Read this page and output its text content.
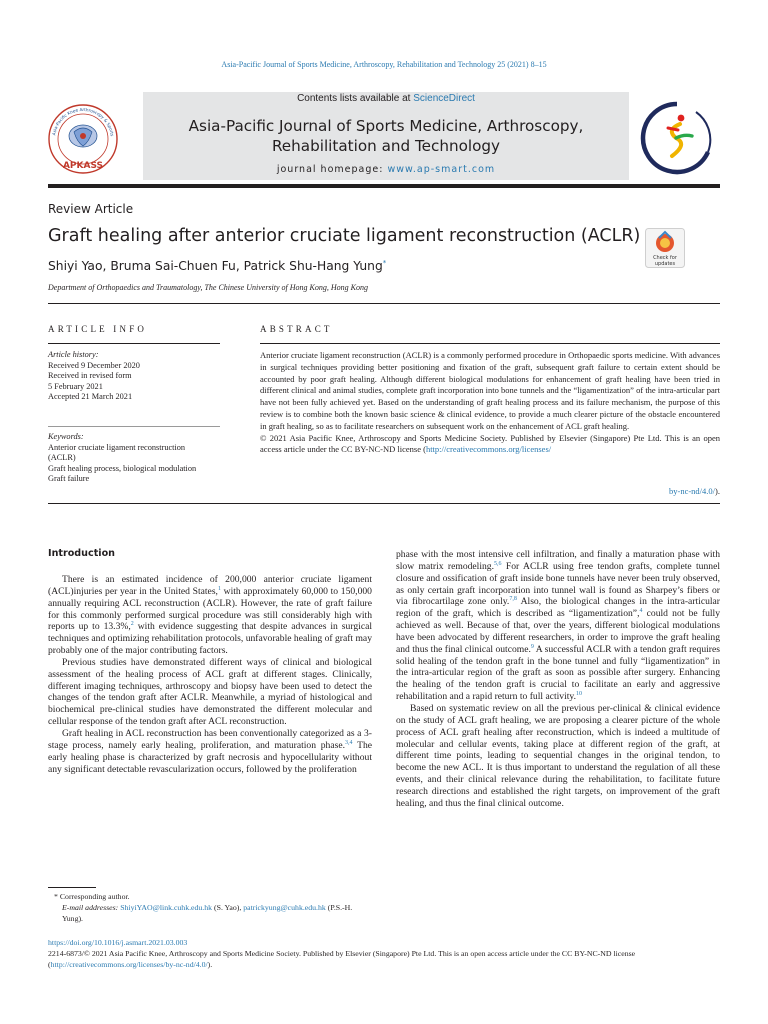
Asia-Pacific Journal of Sports Medicine, Arthroscopy, Rehabilitation and Technology 25 (2021) 8–15
Asia-Pacific Knee Arthroscopy & Sports
APKASS
Contents lists available at ScienceDirect
Asia-Pacific Journal of Sports Medicine, Arthroscopy,
Rehabilitation and Technology
journal homepage: www.ap-smart.com
Review Article
Graft healing after anterior cruciate ligament reconstruction (ACLR)
Shiyi Yao, Bruma Sai-Chuen Fu, Patrick Shu-Hang Yung*
Department of Orthopaedics and Traumatology, The Chinese University of Hong Kong, Hong Kong
Check for
updates
ARTICLE INFO	ABSTRACT
Article history:
Received 9 December 2020
Received in revised form
5 February 2021
Accepted 21 March 2021
Keywords:
Anterior cruciate ligament reconstruction
(ACLR)
Graft healing process, biological modulation
Graft failure
Anterior cruciate ligament reconstruction (ACLR) is a commonly performed procedure in Orthopaedic sports medicine. With advances in surgical techniques providing better positioning and fixation of the graft, subsequent graft failure to certain extent should be accounted by poor graft healing. Although different biological modulations for enhancement of graft healing have been tried in different clinical and animal studies, complete graft incorporation into bone tunnels and the “ligamentization” of the intra-articular part have not been fully achieved yet. Based on the understanding of graft healing process and its failure mechanism, the purpose of this review is to combine both the known basic science & clinical evidence, to provide a much clearer picture of the obstacle encountered in graft healing, so as to facilitate researchers on subsequent work on the enhancement of ACL graft healing.
© 2021 Asia Pacific Knee, Arthroscopy and Sports Medicine Society. Published by Elsevier (Singapore) Pte Ltd. This is an open access article under the CC BY-NC-ND license (http://creativecommons.org/licenses/
by-nc-nd/4.0/).
Introduction

There is an estimated incidence of 200,000 anterior cruciate ligament (ACL)injuries per year in the United States,$^1$ with approximately 60,000 to 150,000 annually requiring ACL reconstruction (ACLR). However, the rate of graft failure for this commonly performed surgical procedure was still considerably high with reports up to 13.3%,$^2$ with evidence suggesting that despite advances in surgical techniques and optimizing rehabilitation protocols, unfavorable healing of graft may probably one of the major contributing factors.

Previous studies have demonstrated different ways of clinical and biological assessment of the healing process of ACL graft at different stages. Clinically, different imaging techniques, arthroscopy and biopsy have been used to detect the changes of the tendon graft after ACLR. Meanwhile, a myriad of histological and biochemical pre-clinical studies have demonstrated the different molecular and cellular response of the tendon graft after ACL reconstruction.

Graft healing in ACL reconstruction has been conventionally categorized as a 3-stage process, namely early healing, proliferation, and maturation phase.$^{3,4}$ The early healing phase is characterized by graft necrosis and hypocellularity without any significant detectable revascularization occurs, followed by the proliferation

phase with the most intensive cell infiltration, and finally a maturation phase with slow matrix remodeling.$^{5,6}$ For ACLR using free tendon grafts, complete tunnel closure and ossification of graft inside bone tunnels have never been truly observed, as only certain graft incorporation into tunnel wall is found as Sharpey’s fibers or via fibrocartilage zone only.$^{7,8}$ Also, the biological changes in the intra-articular region of the graft, which is described as “ligamentization”,$^4$ could not be fully achieved as well. Because of that, over the years, different biological modulations have been advocated by different researchers, in order to improve the graft healing and thus the final clinical outcome.$^9$ A successful ACLR with a tendon graft requires solid healing of the tendon graft in the bone tunnel and fully “ligamentization” in the intra-articular region of the graft as soon as possible after surgery. Enhancing the healing of the tendon graft is crucial to facilitate an early and aggressive rehabilitation and a rapid return to full activity.$^{10}$

Based on systematic review on all the previous per-clinical & clinical evidence on the study of ACL graft healing, we are proposing a clearer picture of the whole process of ACL graft healing after reconstruction, which is indeed a multitude of molecular and cellular events, taking place at different region of the graft, at different time points, leading to sequential changes in the original tendon, to become the new ACL. It is thus important to understand the regulation of all these events, and their clinical relevance during the rehabilitation, to facilitate future research directions and established the right targets, on improvement of the graft healing, and thus the final clinical outcome.

* Corresponding author.
E-mail addresses: ShiyiYAO@link.cuhk.edu.hk (S. Yao), patrickyung@cuhk.edu.hk (P.S.-H. Yung).
https://doi.org/10.1016/j.asmart.2021.03.003
2214-6873/© 2021 Asia Pacific Knee, Arthroscopy and Sports Medicine Society. Published by Elsevier (Singapore) Pte Ltd. This is an open access article under the CC BY-NC-ND license (http://creativecommons.org/licenses/by-nc-nd/4.0/).
